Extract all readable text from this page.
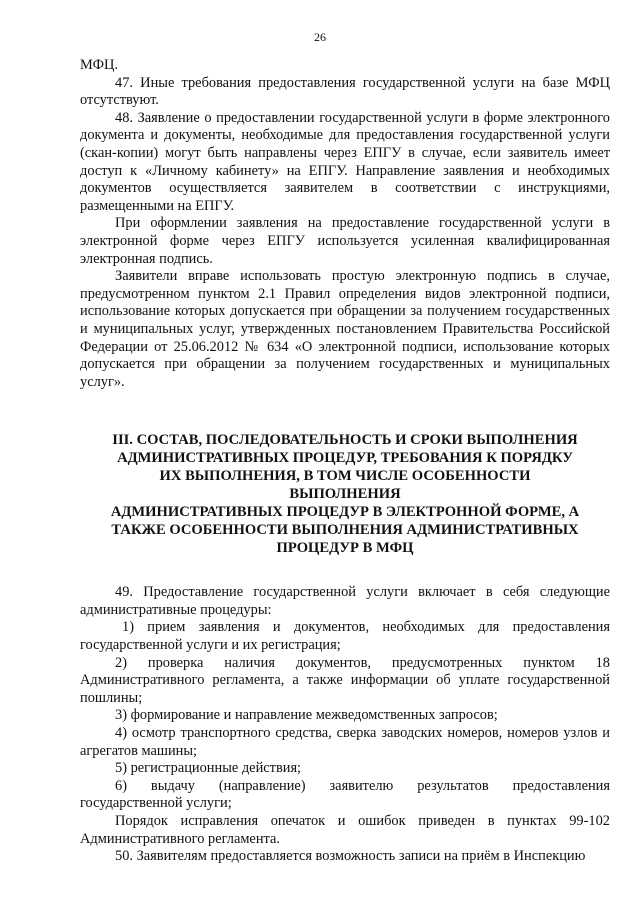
26

МФЦ.

47. Иные требования предоставления государственной услуги на базе МФЦ отсутствуют.

48. Заявление о предоставлении государственной услуги в форме электронного документа и документы, необходимые для предоставления государственной услуги (скан-копии) могут быть направлены через ЕПГУ в случае, если заявитель имеет доступ к «Личному кабинету» на ЕПГУ. Направление заявления и необходимых документов осуществляется заявителем в соответствии с инструкциями, размещенными на ЕПГУ.

При оформлении заявления на предоставление государственной услуги в электронной форме через ЕПГУ используется усиленная квалифицированная электронная подпись.

Заявители вправе использовать простую электронную подпись в случае, предусмотренном пунктом 2.1 Правил определения видов электронной подписи, использование которых допускается при обращении за получением государственных и муниципальных услуг, утвержденных постановлением Правительства Российской Федерации от 25.06.2012 № 634 «О электронной подписи, использование которых допускается при обращении за получением государственных и муниципальных услуг».

III. СОСТАВ, ПОСЛЕДОВАТЕЛЬНОСТЬ И СРОКИ ВЫПОЛНЕНИЯ
АДМИНИСТРАТИВНЫХ ПРОЦЕДУР, ТРЕБОВАНИЯ К ПОРЯДКУ
ИХ ВЫПОЛНЕНИЯ, В ТОМ ЧИСЛЕ ОСОБЕННОСТИ
ВЫПОЛНЕНИЯ
АДМИНИСТРАТИВНЫХ ПРОЦЕДУР В ЭЛЕКТРОННОЙ ФОРМЕ, А
ТАКЖЕ ОСОБЕННОСТИ ВЫПОЛНЕНИЯ АДМИНИСТРАТИВНЫХ
ПРОЦЕДУР В МФЦ

49. Предоставление государственной услуги включает в себя следующие административные процедуры:

1) прием заявления и документов, необходимых для предоставления государственной услуги и их регистрация;

2) проверка наличия документов, предусмотренных пунктом 18 Административного регламента, а также информации об уплате государственной пошлины;

3) формирование и направление межведомственных запросов;

4) осмотр транспортного средства, сверка заводских номеров, номеров узлов и агрегатов машины;

5) регистрационные действия;

6) выдачу (направление) заявителю результатов предоставления государственной услуги;

Порядок исправления опечаток и ошибок приведен в пунктах 99-102 Административного регламента.

50. Заявителям предоставляется возможность записи на приём в Инспекцию
